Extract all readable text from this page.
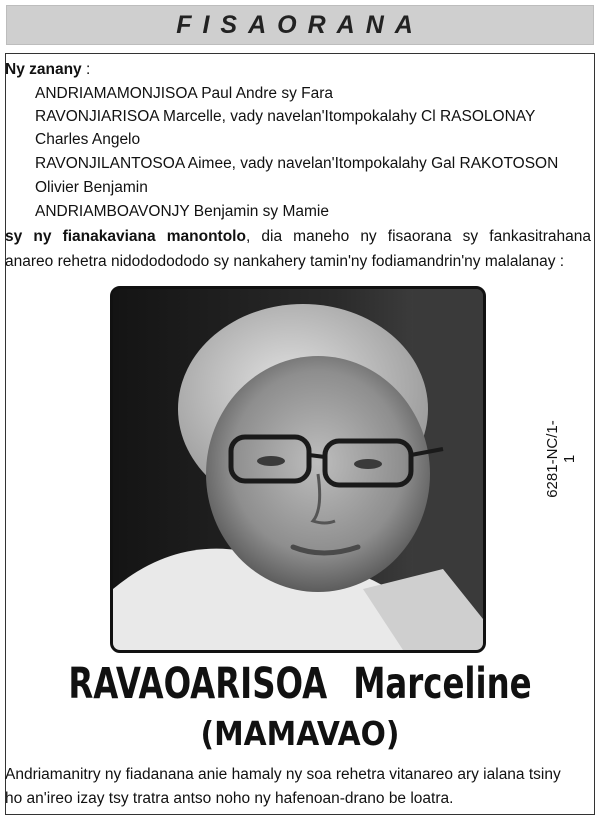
FISAORANA
Ny zanany :
ANDRIAMAMONJISOA Paul Andre sy Fara
RAVONJIARISOA Marcelle, vady navelan'Itompokalahy Cl RASOLONAY
Charles Angelo
RAVONJILANTOSOA Aimee, vady navelan'Itompokalahy Gal RAKOTOSON
Olivier Benjamin
ANDRIAMBOAVONJY Benjamin sy Mamie
sy ny fianakaviana manontolo, dia maneho ny fisaorana sy fankasitrahana
anareo rehetra nidododododo sy nankahery tamin'ny fodiamandrin'ny malalanay :
6281-NC/1-1
RAVAOARISOA Marceline
(MAMAVAO)
Andriamanitry ny fiadanana anie hamaly ny soa rehetra vitanareo ary ialana tsiny
ho an'ireo izay tsy tratra antso noho ny hafenoan-drano be loatra.
